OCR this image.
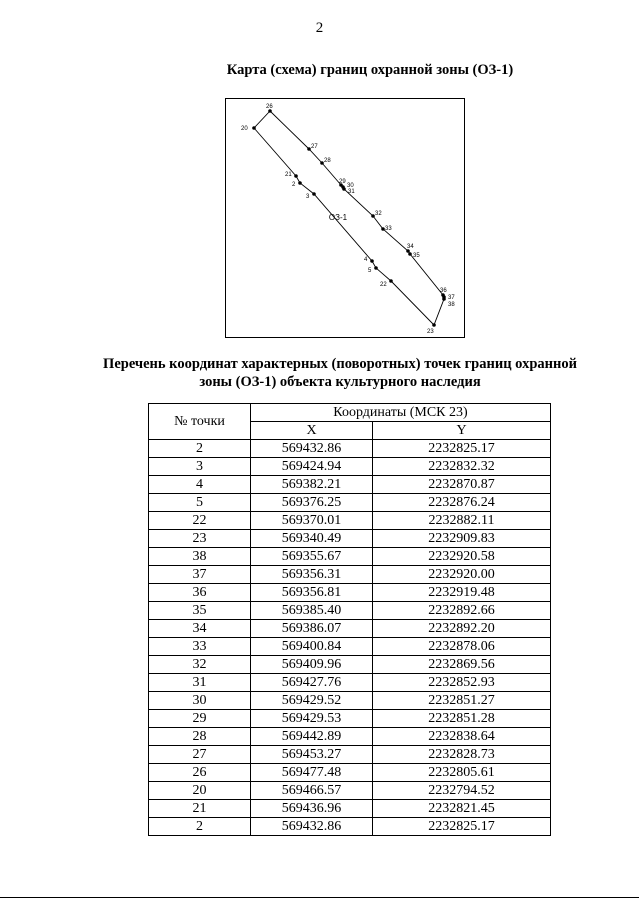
2
Карта (схема) границ охранной зоны (ОЗ-1)
26
20
27
28
21
2	29
30
31
3
32
33
34
35
4
5
22
36
37
38
23
ОЗ-1
Перечень координат характерных (поворотных) точек границ охранной
зоны (ОЗ-1) объекта культурного наследия
№ точки	Координаты (МСК 23)	
	X	Y
2	569432.86	2232825.17
3	569424.94	2232832.32
4	569382.21	2232870.87
5	569376.25	2232876.24
22	569370.01	2232882.11
23	569340.49	2232909.83
38	569355.67	2232920.58
37	569356.31	2232920.00
36	569356.81	2232919.48
35	569385.40	2232892.66
34	569386.07	2232892.20
33	569400.84	2232878.06
32	569409.96	2232869.56
31	569427.76	2232852.93
30	569429.52	2232851.27
29	569429.53	2232851.28
28	569442.89	2232838.64
27	569453.27	2232828.73
26	569477.48	2232805.61
20	569466.57	2232794.52
21	569436.96	2232821.45
2	569432.86	2232825.17
